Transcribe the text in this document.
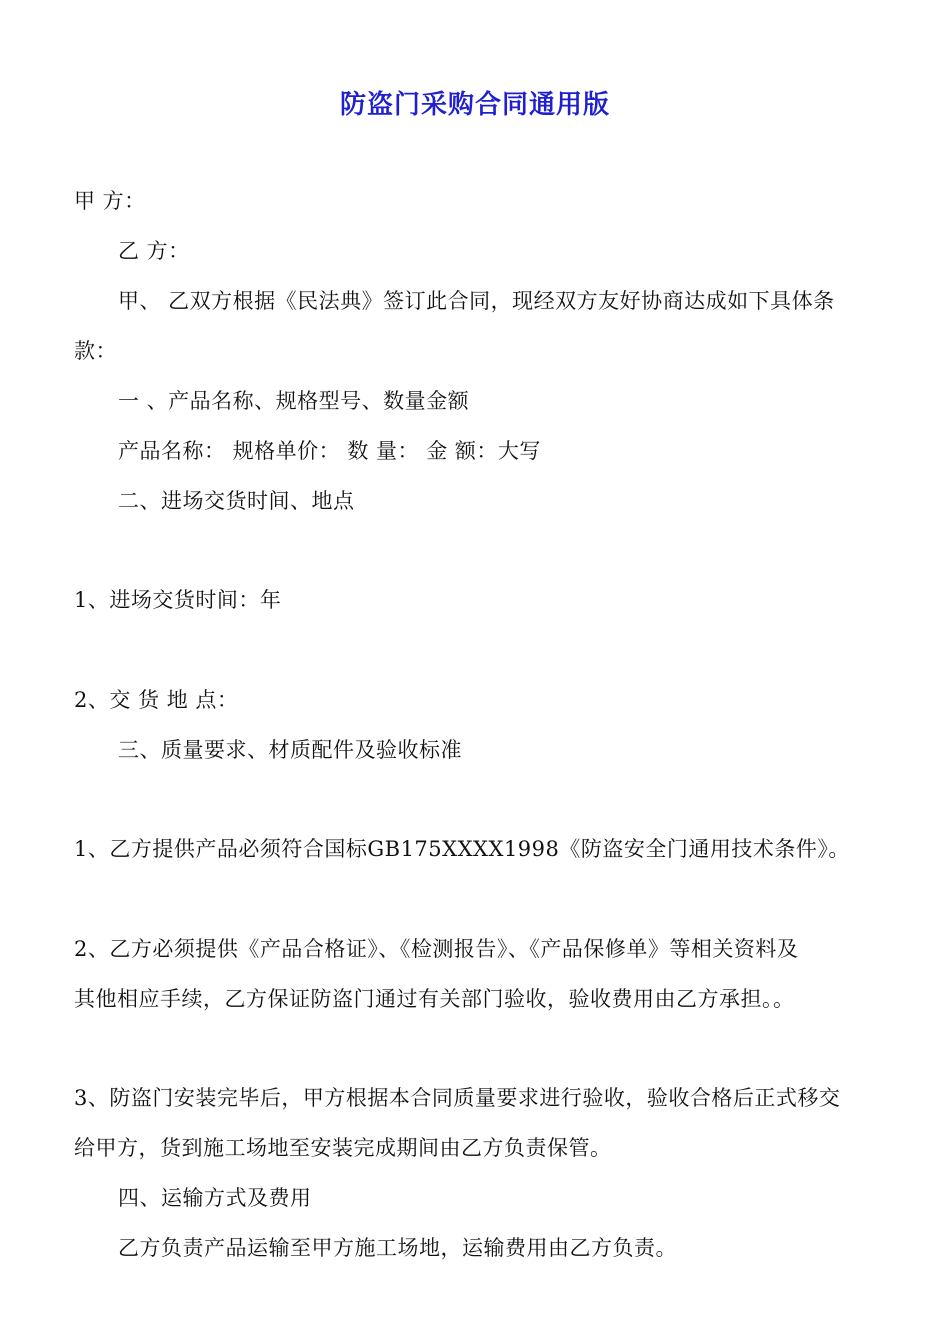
防盗门采购合同通用版
甲 方：
乙 方：
甲、 乙双方根据《民法典》签订此合同，现经双方友好协商达成如下具体条
款：
一 、产品名称、规格型号、数量金额
产品名称： 规格单价： 数 量： 金 额：大写
二、进场交货时间、地点
1、进场交货时间：年
2、交 货 地 点：
三、质量要求、材质配件及验收标准
1、乙方提供产品必须符合国标GB175XXXX1998《防盗安全门通用技术条件》。
2、乙方必须提供《产品合格证》、《检测报告》、《产品保修单》等相关资料及
其他相应手续，乙方保证防盗门通过有关部门验收，验收费用由乙方承担。。
3、防盗门安装完毕后，甲方根据本合同质量要求进行验收，验收合格后正式移交
给甲方，货到施工场地至安装完成期间由乙方负责保管。
四、运输方式及费用
乙方负责产品运输至甲方施工场地，运输费用由乙方负责。
